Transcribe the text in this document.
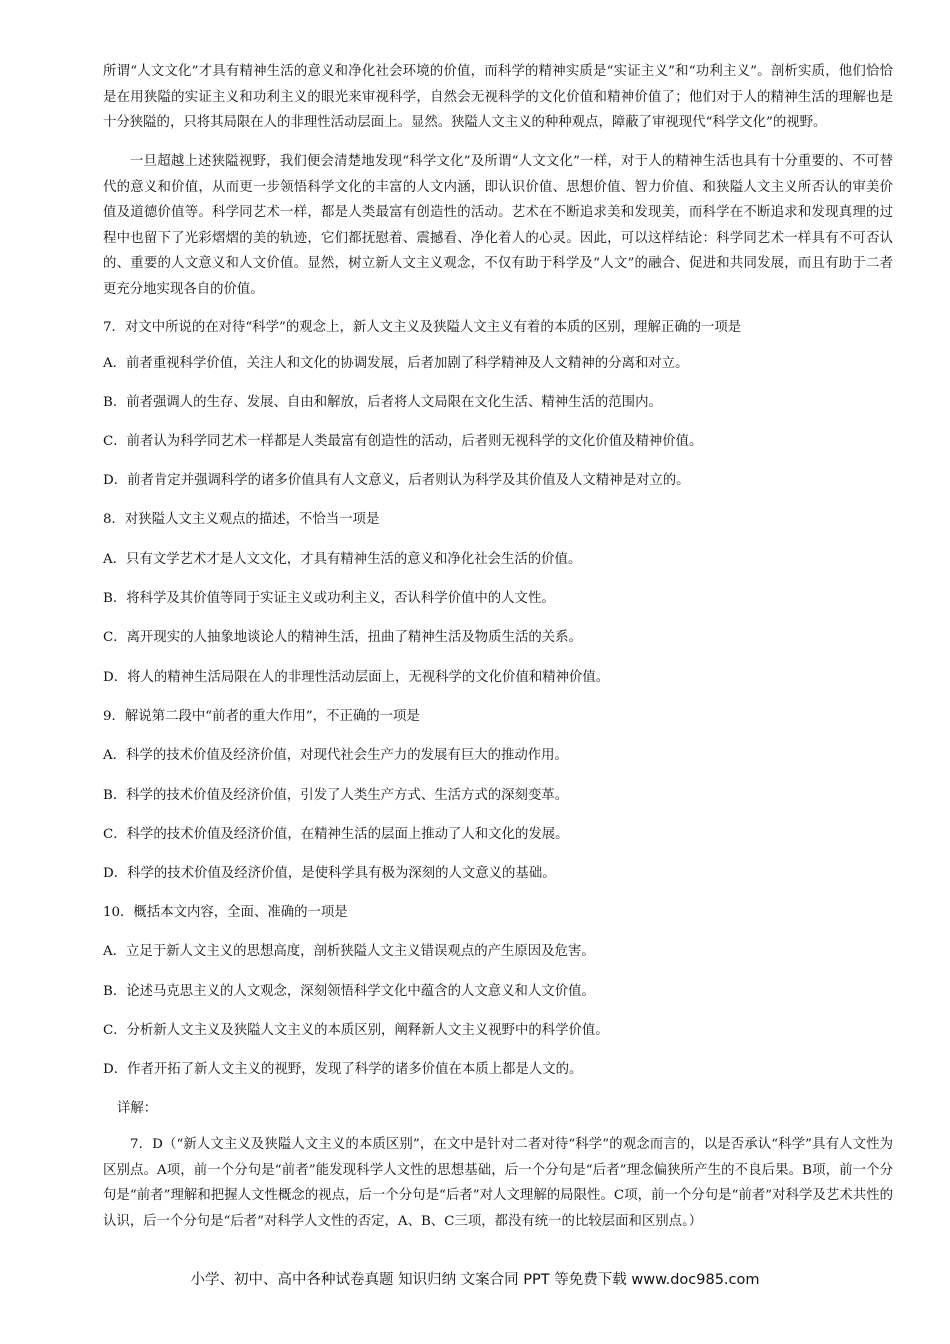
所谓“人文文化”才具有精神生活的意义和净化社会环境的价值，而科学的精神实质是“实证主义”和“功利主义”。剖析实质，他们恰恰是在用狭隘的实证主义和功利主义的眼光来审视科学，自然会无视科学的文化价值和精神价值了；他们对于人的精神生活的理解也是十分狭隘的，只将其局限在人的非理性活动层面上。显然。狭隘人文主义的种种观点，障蔽了审视现代“科学文化”的视野。

一旦超越上述狭隘视野，我们便会清楚地发现“科学文化”及所谓“人文文化”一样，对于人的精神生活也具有十分重要的、不可替代的意义和价值，从而更一步领悟科学文化的丰富的人文内涵，即认识价值、思想价值、智力价值、和狭隘人文主义所否认的审美价值及道德价值等。科学同艺术一样，都是人类最富有创造性的活动。艺术在不断追求美和发现美，而科学在不断追求和发现真理的过程中也留下了光彩熠熠的美的轨迹，它们都抚慰着、震撼看、净化着人的心灵。因此，可以这样结论：科学同艺术一样具有不可否认的、重要的人文意义和人文价值。显然，树立新人文主义观念，不仅有助于科学及“人文”的融合、促进和共同发展，而且有助于二者更充分地实现各自的价值。

7．对文中所说的在对待“科学”的观念上，新人文主义及狭隘人文主义有着的本质的区别，理解正确的一项是

A．前者重视科学价值，关注人和文化的协调发展，后者加剧了科学精神及人文精神的分离和对立。

B．前者强调人的生存、发展、自由和解放，后者将人文局限在文化生活、精神生活的范围内。

C．前者认为科学同艺术一样都是人类最富有创造性的活动，后者则无视科学的文化价值及精神价值。

D．前者肯定并强调科学的诸多价值具有人文意义，后者则认为科学及其价值及人文精神是对立的。

8．对狭隘人文主义观点的描述，不恰当一项是

A．只有文学艺术才是人文文化，才具有精神生活的意义和净化社会生活的价值。

B．将科学及其价值等同于实证主义或功利主义，否认科学价值中的人文性。

C．离开现实的人抽象地谈论人的精神生活，扭曲了精神生活及物质生活的关系。

D．将人的精神生活局限在人的非理性活动层面上，无视科学的文化价值和精神价值。

9．解说第二段中“前者的重大作用”，不正确的一项是

A．科学的技术价值及经济价值，对现代社会生产力的发展有巨大的推动作用。

B．科学的技术价值及经济价值，引发了人类生产方式、生活方式的深刻变革。

C．科学的技术价值及经济价值，在精神生活的层面上推动了人和文化的发展。

D．科学的技术价值及经济价值，是使科学具有极为深刻的人文意义的基础。

10．概括本文内容，全面、准确的一项是

A．立足于新人文主义的思想高度，剖析狭隘人文主义错误观点的产生原因及危害。

B．论述马克思主义的人文观念，深刻领悟科学文化中蕴含的人文意义和人文价值。

C．分析新人文主义及狭隘人文主义的本质区别，阐释新人文主义视野中的科学价值。

D．作者开拓了新人文主义的视野，发现了科学的诸多价值在本质上都是人文的。

详解：

7．D（“新人文主义及狭隘人文主义的本质区别”，在文中是针对二者对待“科学”的观念而言的，以是否承认“科学”具有人文性为区别点。A项，前一个分句是“前者”能发现科学人文性的思想基础，后一个分句是“后者”理念偏狭所产生的不良后果。B项，前一个分句是“前者”理解和把握人文性概念的视点，后一个分句是“后者”对人文理解的局限性。C项，前一个分句是“前者”对科学及艺术共性的认识，后一个分句是“后者”对科学人文性的否定，A、B、C三项，都没有统一的比较层面和区别点。）

小学、初中、高中各种试卷真题 知识归纳 文案合同 PPT 等免费下载 www.doc985.com
